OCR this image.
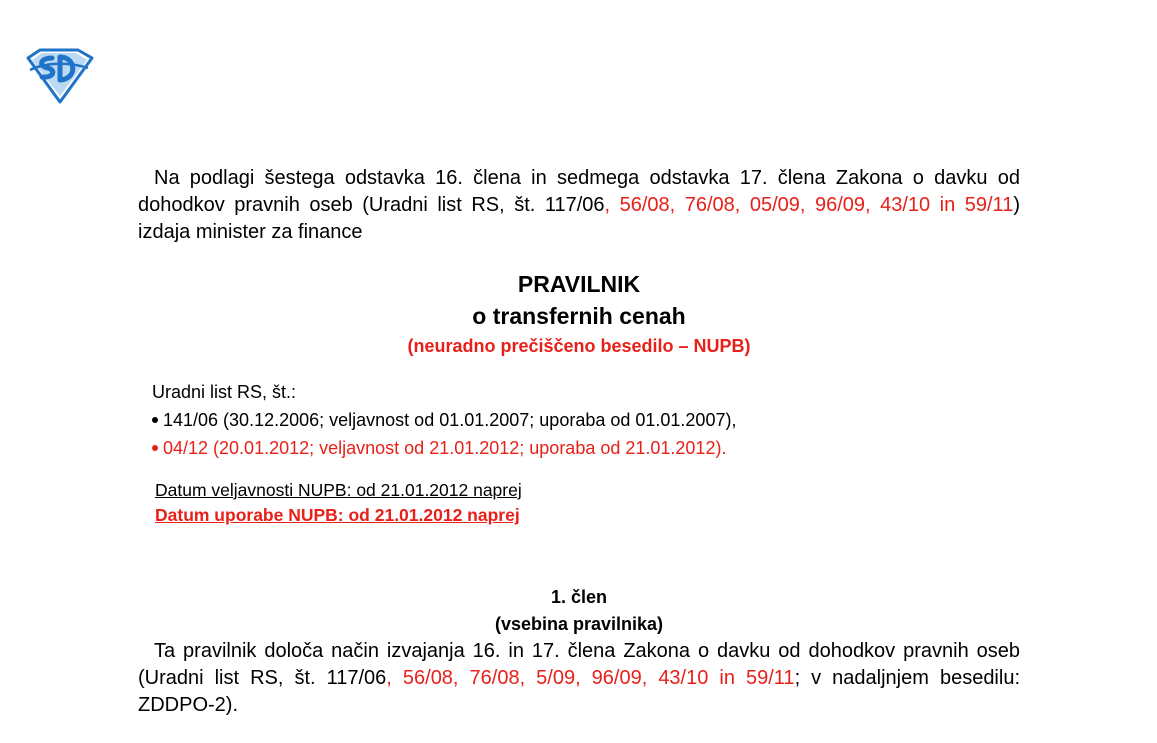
Na podlagi šestega odstavka 16. člena in sedmega odstavka 17. člena Zakona o davku od dohodkov pravnih oseb (Uradni list RS, št. 117/06, 56/08, 76/08, 05/09, 96/09, 43/10 in 59/11) izdaja minister za finance

PRAVILNIK

o transfernih cenah

(neuradno prečiščeno besedilo – NUPB)

Uradni list RS, št.:
141/06 (30.12.2006; veljavnost od 01.01.2007; uporaba od 01.01.2007),
04/12 (20.01.2012; veljavnost od 21.01.2012; uporaba od 21.01.2012).
Datum veljavnosti NUPB: od 21.01.2012 naprej
Datum uporabe NUPB: od 21.01.2012 naprej
1. člen
(vsebina pravilnika)

Ta pravilnik določa način izvajanja 16. in 17. člena Zakona o davku od dohodkov pravnih oseb (Uradni list RS, št. 117/06, 56/08, 76/08, 5/09, 96/09, 43/10 in 59/11; v nadaljnjem besedilu: ZDDPO-2).
